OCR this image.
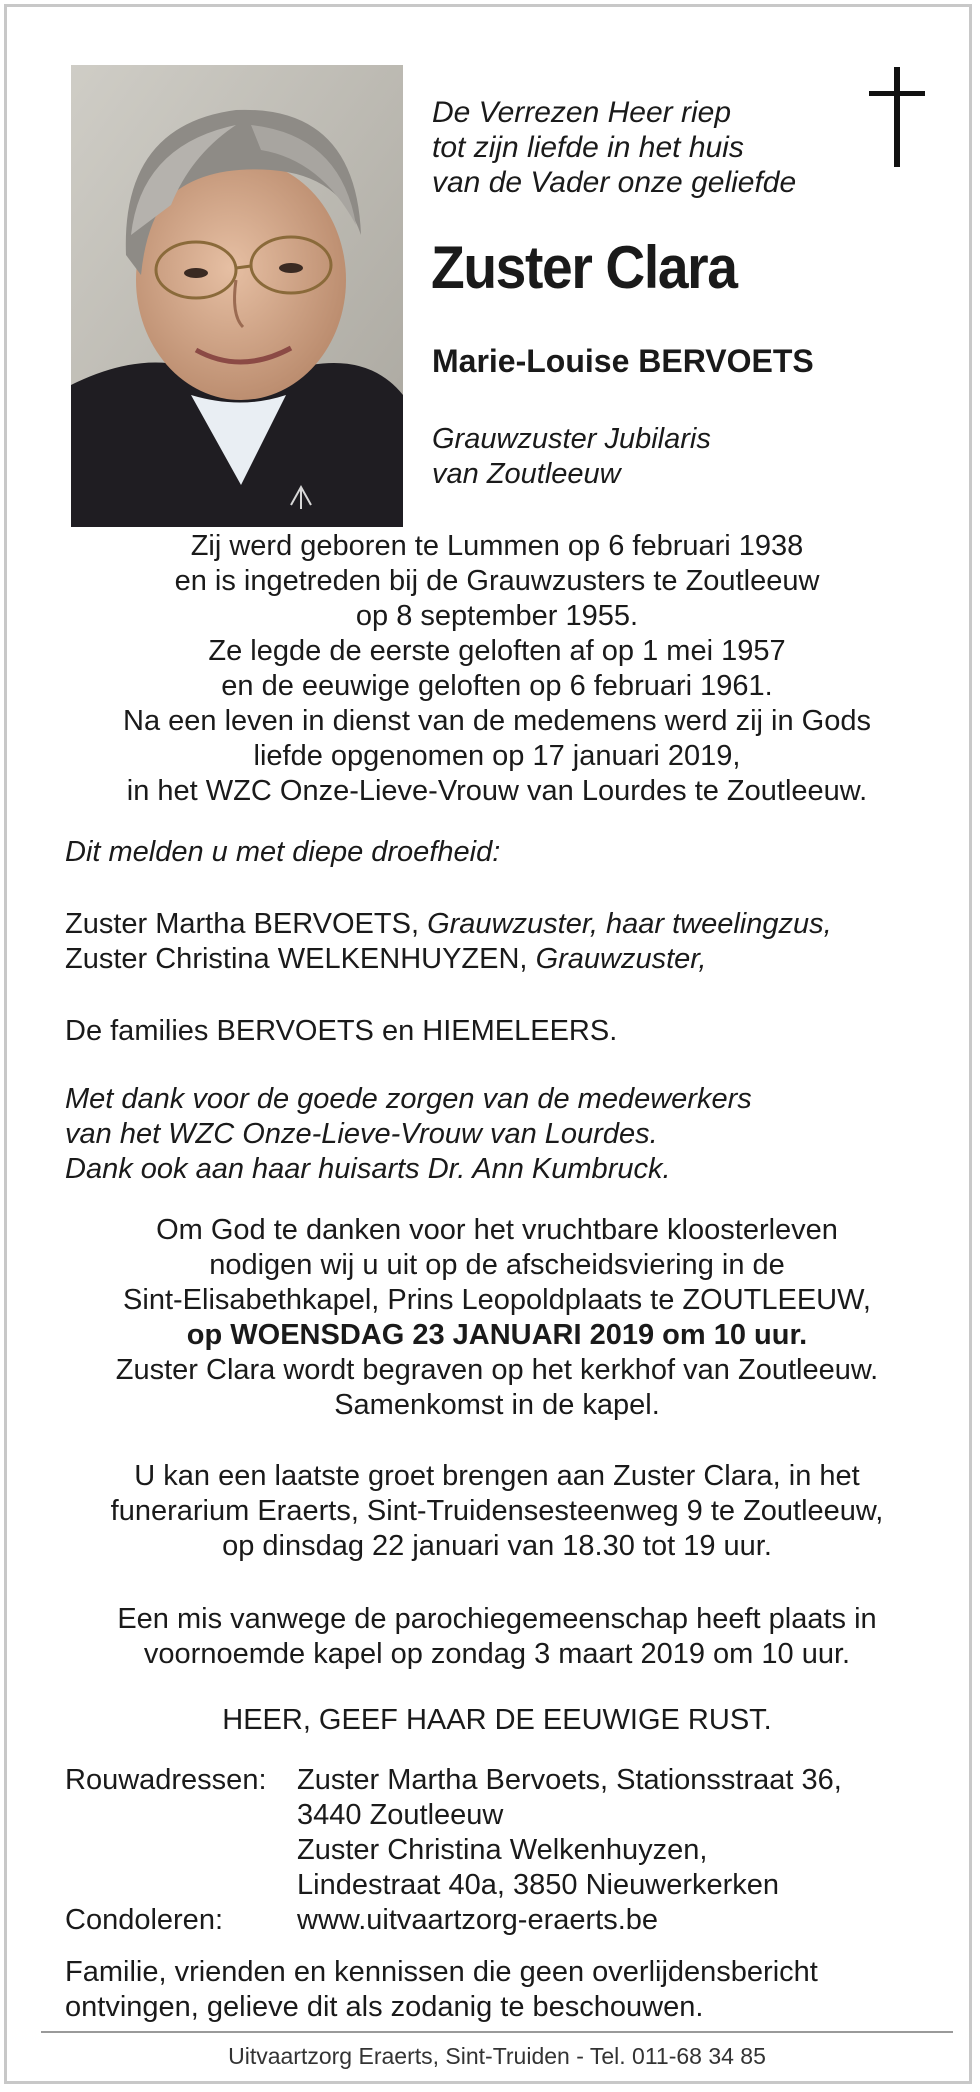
De Verrezen Heer riep
tot zijn liefde in het huis
van de Vader onze geliefde
Zuster Clara
Marie-Louise BERVOETS
Grauwzuster Jubilaris
van Zoutleeuw
Zij werd geboren te Lummen op 6 februari 1938
en is ingetreden bij de Grauwzusters te Zoutleeuw
op 8 september 1955.
Ze legde de eerste geloften af op 1 mei 1957
en de eeuwige geloften op 6 februari 1961.
Na een leven in dienst van de medemens werd zij in Gods
liefde opgenomen op 17 januari 2019,
in het WZC Onze-Lieve-Vrouw van Lourdes te Zoutleeuw.
Dit melden u met diepe droefheid:
Zuster Martha BERVOETS, Grauwzuster, haar tweelingzus,
Zuster Christina WELKENHUYZEN, Grauwzuster,
De families BERVOETS en HIEMELEERS.
Met dank voor de goede zorgen van de medewerkers
van het WZC Onze-Lieve-Vrouw van Lourdes.
Dank ook aan haar huisarts Dr. Ann Kumbruck.
Om God te danken voor het vruchtbare kloosterleven
nodigen wij u uit op de afscheidsviering in de
Sint-Elisabethkapel, Prins Leopoldplaats te ZOUTLEEUW,
op WOENSDAG 23 JANUARI 2019 om 10 uur.
Zuster Clara wordt begraven op het kerkhof van Zoutleeuw.
Samenkomst in de kapel.
U kan een laatste groet brengen aan Zuster Clara, in het
funerarium Eraerts, Sint-Truidensesteenweg 9 te Zoutleeuw,
op dinsdag 22 januari van 18.30 tot 19 uur.
Een mis vanwege de parochiegemeenschap heeft plaats in
voornoemde kapel op zondag 3 maart 2019 om 10 uur.
HEER, GEEF HAAR DE EEUWIGE RUST.
Rouwadressen: Zuster Martha Bervoets, Stationsstraat 36,
3440 Zoutleeuw
Zuster Christina Welkenhuyzen,
Lindestraat 40a, 3850 Nieuwerkerken
Condoleren:	www.uitvaartzorg-eraerts.be
Familie, vrienden en kennissen die geen overlijdensbericht
ontvingen, gelieve dit als zodanig te beschouwen.
Uitvaartzorg Eraerts, Sint-Truiden - Tel. 011-68 34 85
